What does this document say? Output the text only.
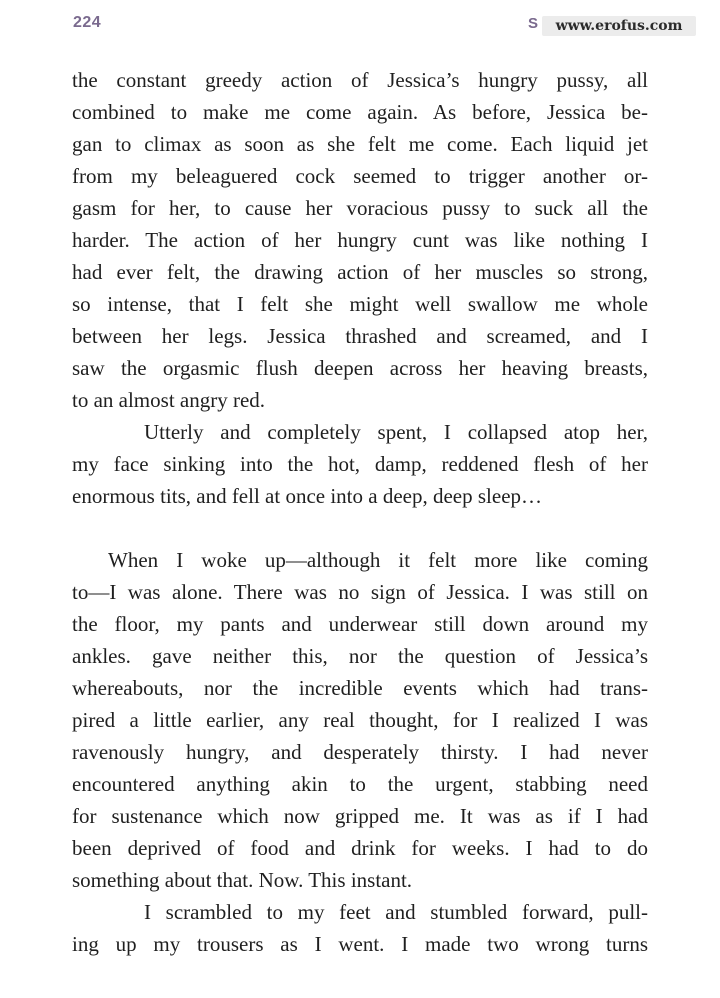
224	S	www.erofus.com
the constant greedy action of Jessica’s hungry pussy, all
combined to make me come again. As before, Jessica be-
gan to climax as soon as she felt me come. Each liquid jet
from my beleaguered cock seemed to trigger another or-
gasm for her, to cause her voracious pussy to suck all the
harder. The action of her hungry cunt was like nothing I
had ever felt, the drawing action of her muscles so strong,
so intense, that I felt she might well swallow me whole
between her legs. Jessica thrashed and screamed, and I
saw the orgasmic flush deepen across her heaving breasts,
to an almost angry red.
Utterly and completely spent, I collapsed atop her,
my face sinking into the hot, damp, reddened flesh of her
enormous tits, and fell at once into a deep, deep sleep…
When I woke up—although it felt more like coming
to—I was alone. There was no sign of Jessica. I was still on
the floor, my pants and underwear still down around my
ankles. gave neither this, nor the question of Jessica’s
whereabouts, nor the incredible events which had trans-
pired a little earlier, any real thought, for I realized I was
ravenously hungry, and desperately thirsty. I had never
encountered anything akin to the urgent, stabbing need
for sustenance which now gripped me. It was as if I had
been deprived of food and drink for weeks. I had to do
something about that. Now. This instant.
I scrambled to my feet and stumbled forward, pull-
ing up my trousers as I went. I made two wrong turns
